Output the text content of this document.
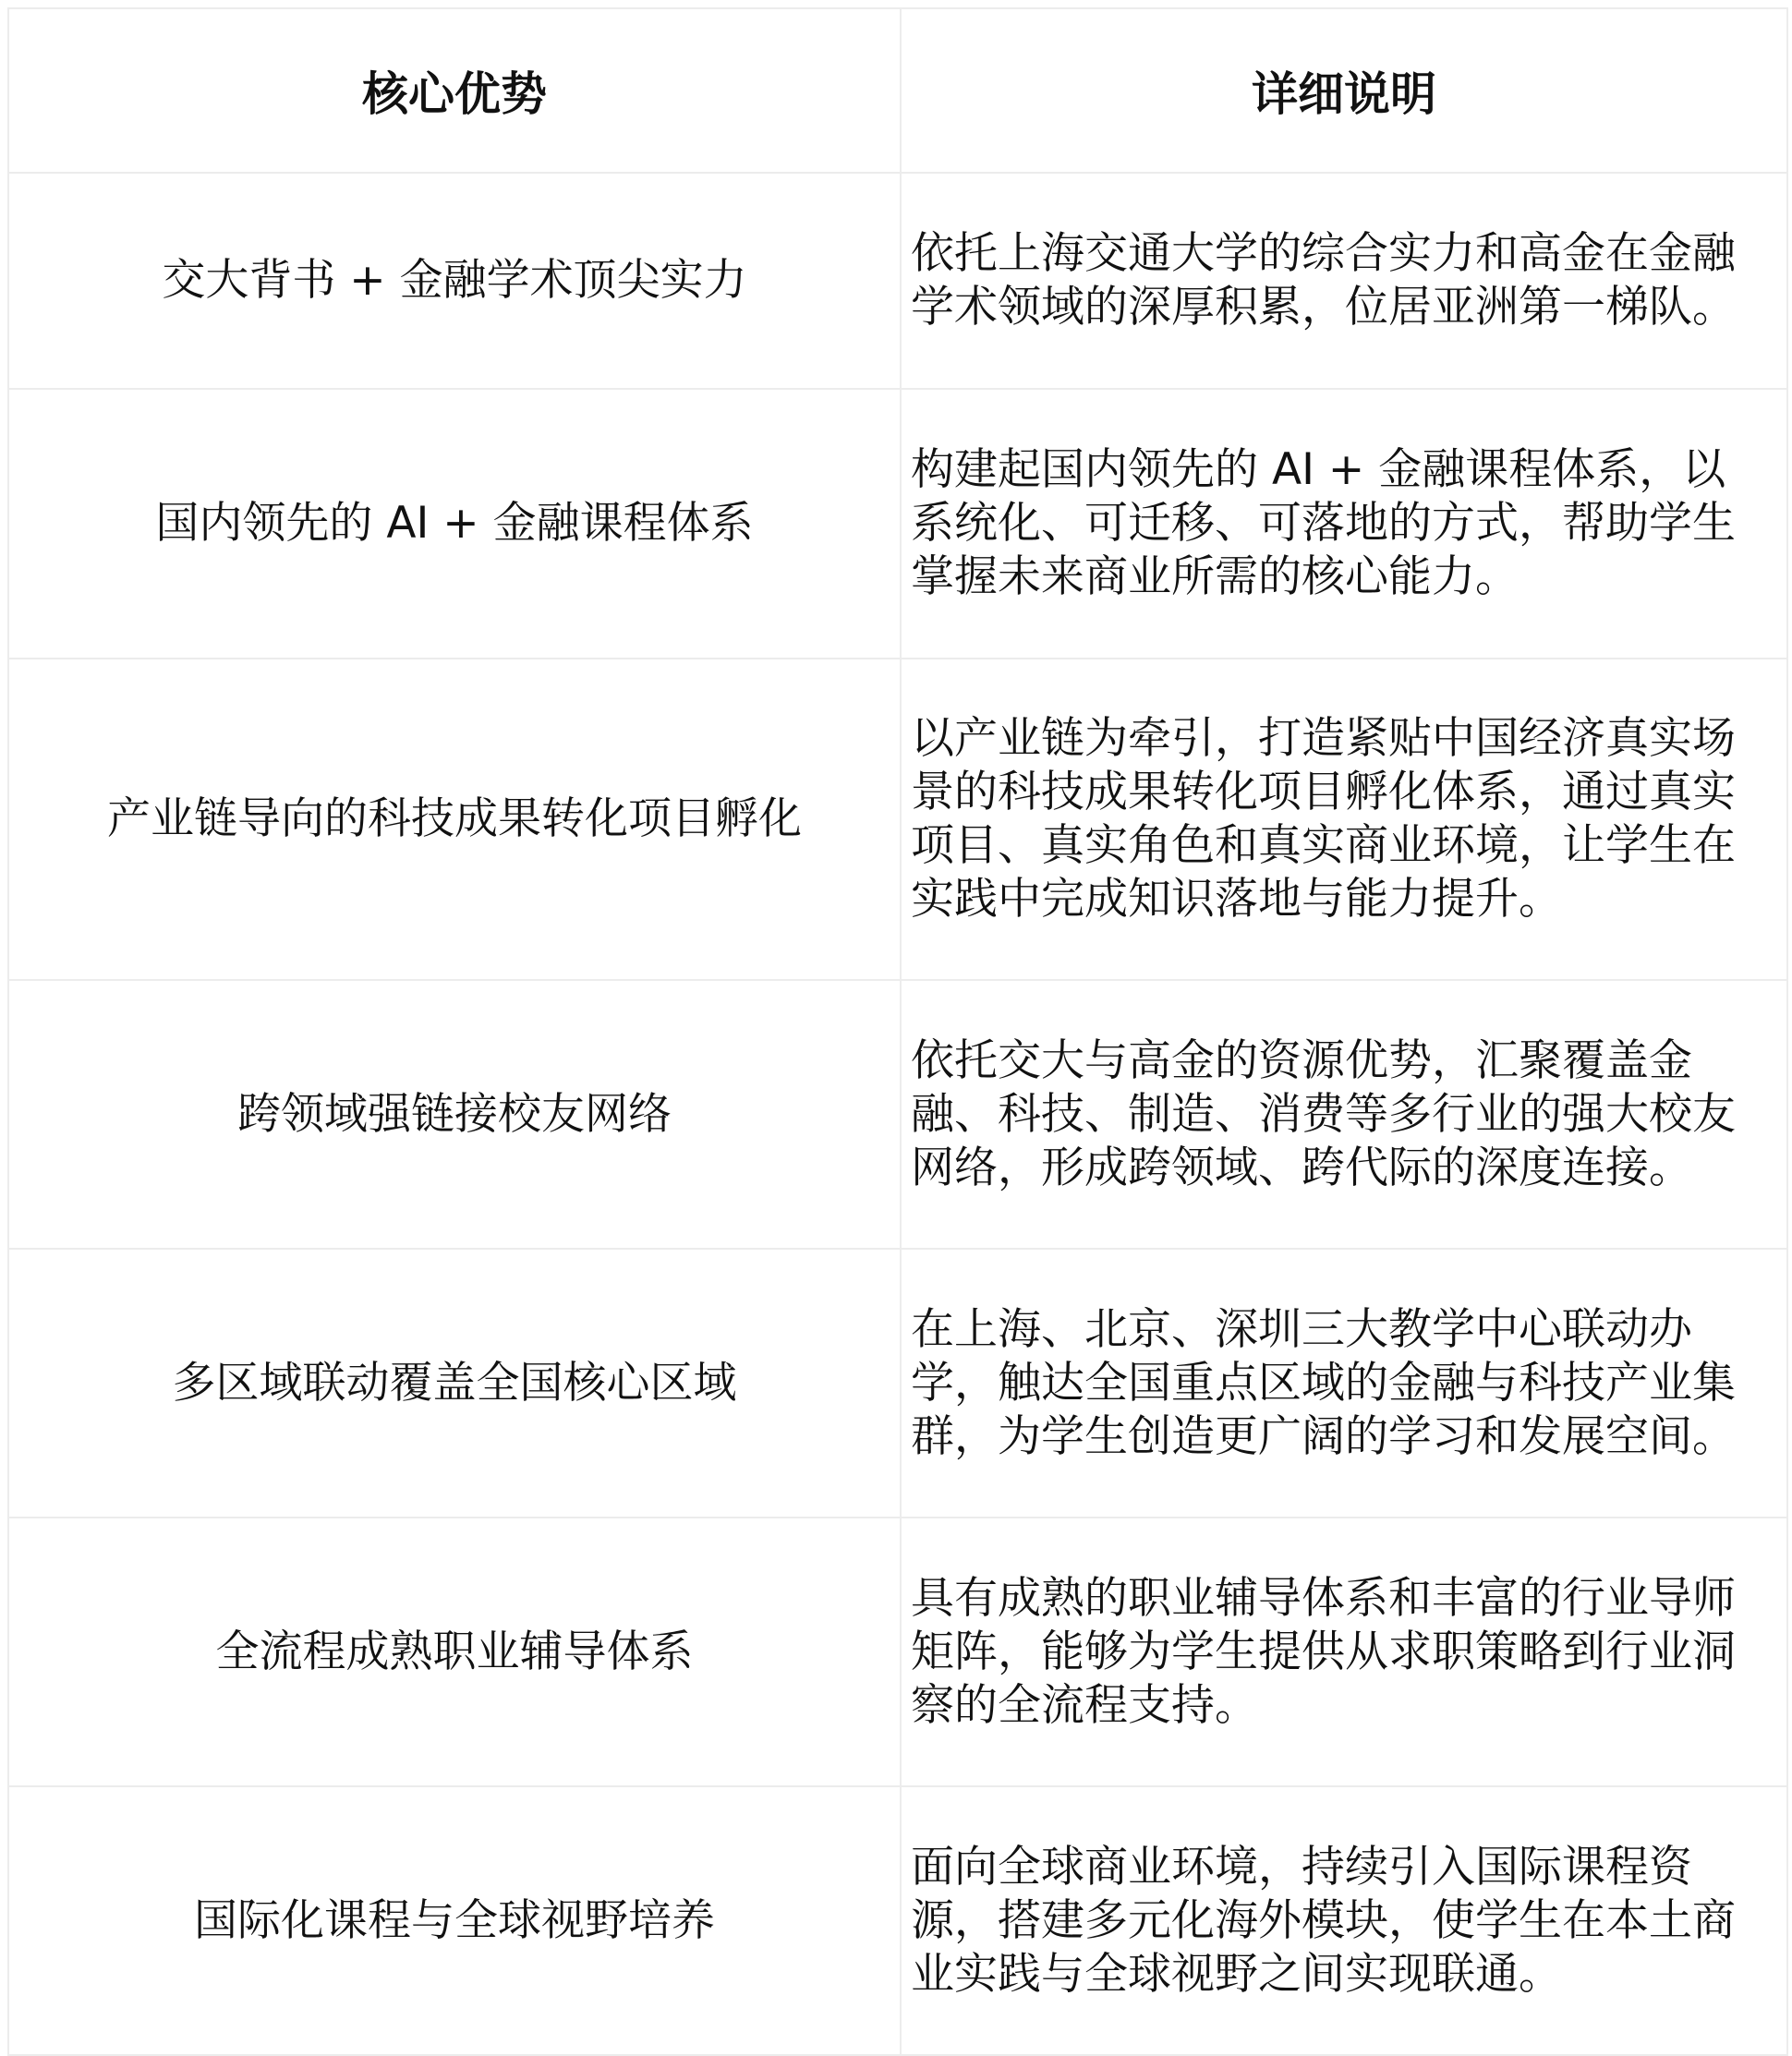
核心优势	详细说明
交大背书 + 金融学术顶尖实力	依托上海交通大学的综合实力和高金在金融学术领域的深厚积累，位居亚洲第一梯队。
国内领先的 AI + 金融课程体系	构建起国内领先的 AI + 金融课程体系，以系统化、可迁移、可落地的方式，帮助学生掌握未来商业所需的核心能力。
产业链导向的科技成果转化项目孵化	以产业链为牵引，打造紧贴中国经济真实场景的科技成果转化项目孵化体系，通过真实项目、真实角色和真实商业环境，让学生在实践中完成知识落地与能力提升。
跨领域强链接校友网络	依托交大与高金的资源优势，汇聚覆盖金融、科技、制造、消费等多行业的强大校友网络，形成跨领域、跨代际的深度连接。
多区域联动覆盖全国核心区域	在上海、北京、深圳三大教学中心联动办学，触达全国重点区域的金融与科技产业集群，为学生创造更广阔的学习和发展空间。
全流程成熟职业辅导体系	具有成熟的职业辅导体系和丰富的行业导师矩阵，能够为学生提供从求职策略到行业洞察的全流程支持。
国际化课程与全球视野培养	面向全球商业环境，持续引入国际课程资源，搭建多元化海外模块，使学生在本土商业实践与全球视野之间实现联通。
